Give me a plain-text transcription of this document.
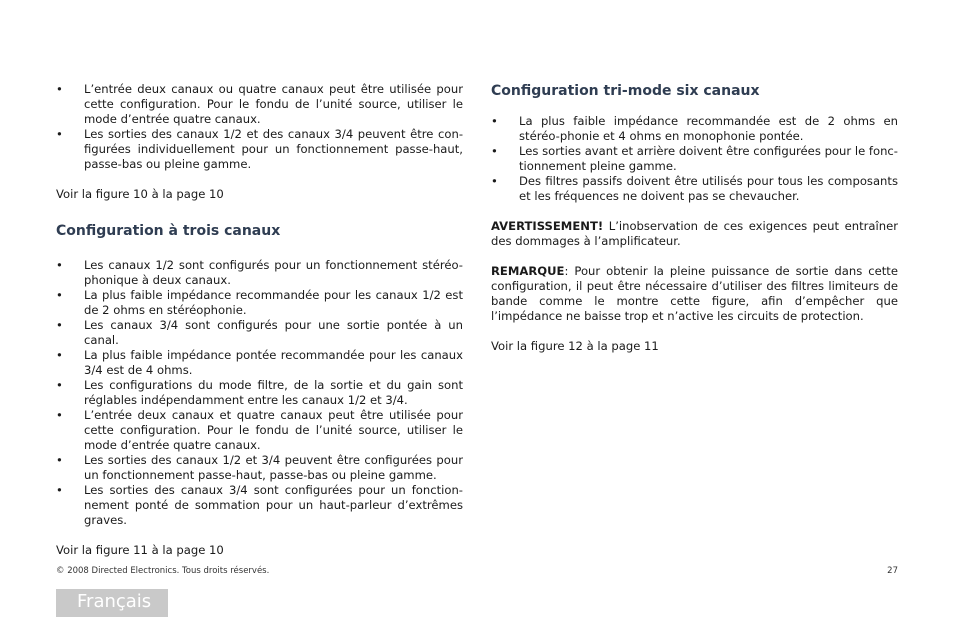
• L’entrée deux canaux ou quatre canaux peut être utilisée pour cette configuration. Pour le fondu de l’unité source, utiliser le mode d’entrée quatre canaux.
• Les sorties des canaux 1/2 et des canaux 3/4 peuvent être con-figurées individuellement pour un fonctionnement passe-haut, passe-bas ou pleine gamme.

Voir la figure 10 à la page 10

Configuration à trois canaux
• Les canaux 1/2 sont configurés pour un fonctionnement stéréo-phonique à deux canaux.
• La plus faible impédance recommandée pour les canaux 1/2 est de 2 ohms en stéréophonie.
• Les canaux 3/4 sont configurés pour une sortie pontée à un canal.
• La plus faible impédance pontée recommandée pour les canaux 3/4 est de 4 ohms.
• Les configurations du mode filtre, de la sortie et du gain sont réglables indépendamment entre les canaux 1/2 et 3/4.
• L’entrée deux canaux et quatre canaux peut être utilisée pour cette configuration. Pour le fondu de l’unité source, utiliser le mode d’entrée quatre canaux.
• Les sorties des canaux 1/2 et 3/4 peuvent être configurées pour un fonctionnement passe-haut, passe-bas ou pleine gamme.
• Les sorties des canaux 3/4 sont configurées pour un fonction-nement ponté de sommation pour un haut-parleur d’extrêmes graves.

Voir la figure 11 à la page 10

Configuration tri-mode six canaux
• La plus faible impédance recommandée est de 2 ohms en stéréo-phonie et 4 ohms en monophonie pontée.
• Les sorties avant et arrière doivent être configurées pour le fonc-tionnement pleine gamme.
• Des filtres passifs doivent être utilisés pour tous les composants et les fréquences ne doivent pas se chevaucher.

AVERTISSEMENT! L’inobservation de ces exigences peut entraîner des dommages à l’amplificateur.

REMARQUE: Pour obtenir la pleine puissance de sortie dans cette configuration, il peut être nécessaire d’utiliser des filtres limiteurs de bande comme le montre cette figure, afin d’empêcher que l’impédance ne baisse trop et n’active les circuits de protection.

Voir la figure 12 à la page 11

© 2008 Directed Electronics. Tous droits réservés.	27
Français
